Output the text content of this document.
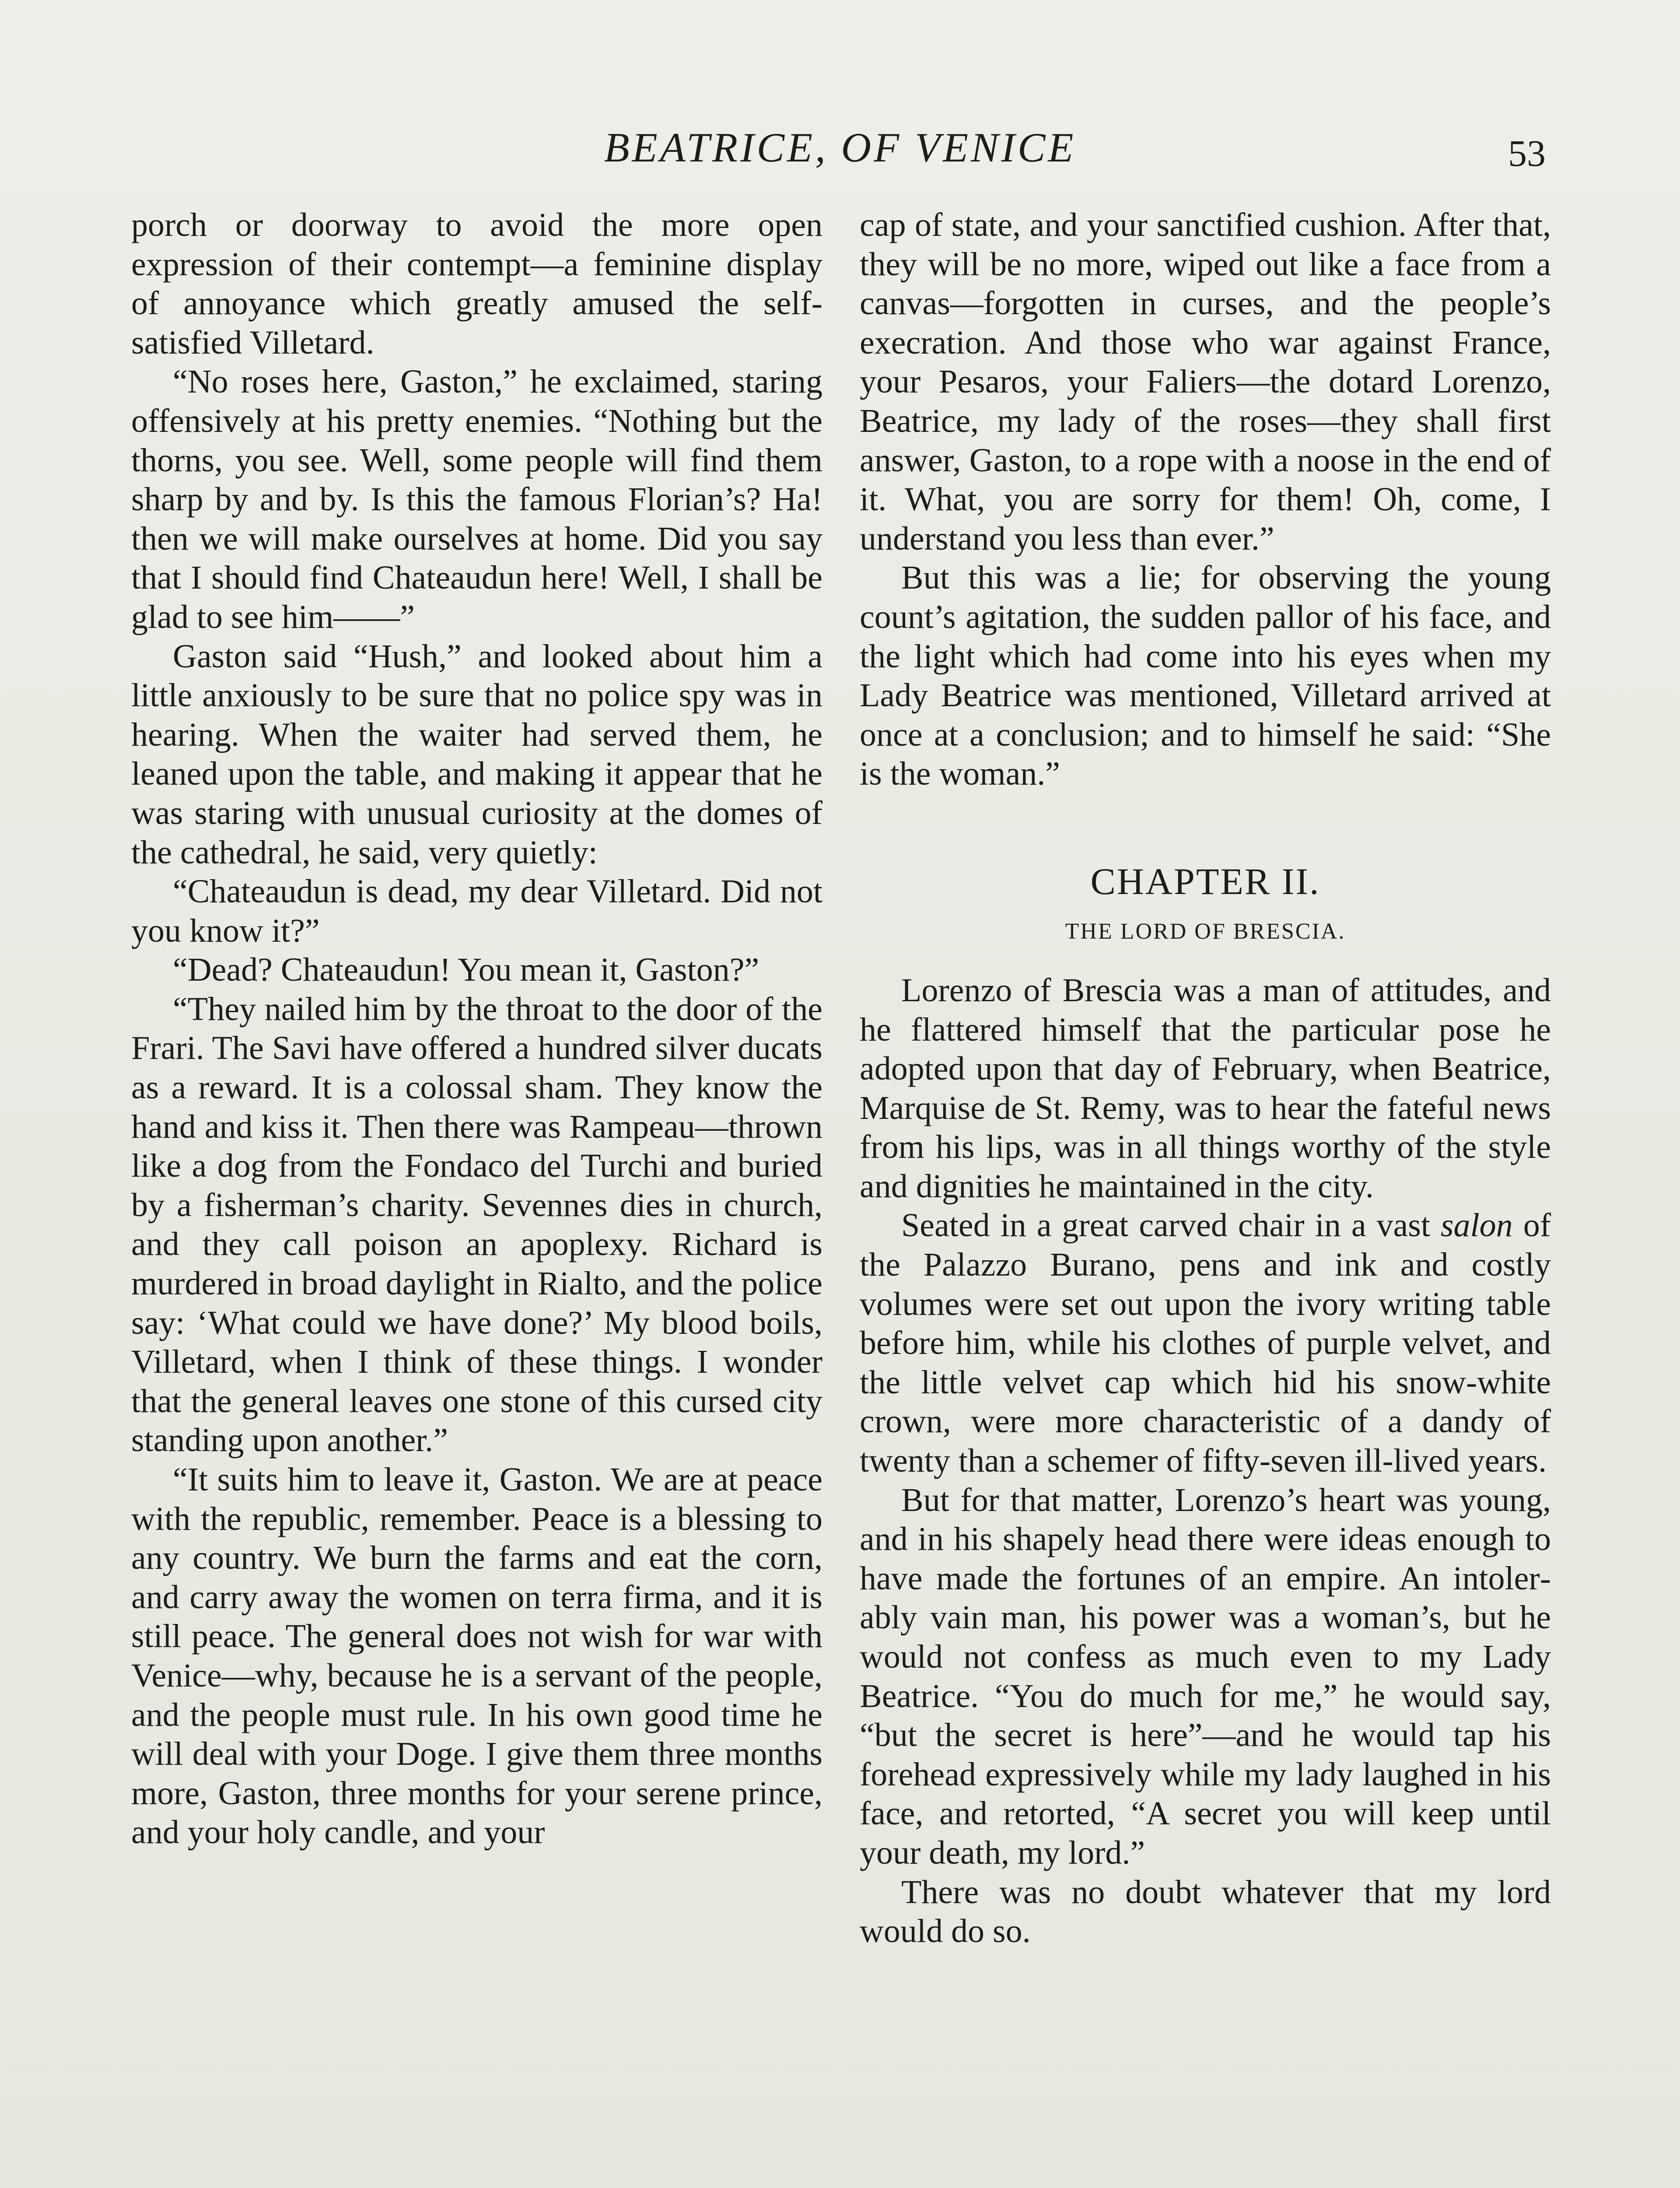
BEATRICE, OF VENICE	53

porch or doorway to avoid the more open expression of their contempt—a feminine display of annoyance which greatly amused the self-satisfied Villetard.

“No roses here, Gaston,” he exclaimed, staring offensively at his pretty enemies. “Nothing but the thorns, you see. Well, some people will find them sharp by and by. Is this the famous Florian’s? Ha! then we will make ourselves at home. Did you say that I should find Chateaudun here! Well, I shall be glad to see him——”

Gaston said “Hush,” and looked about him a little anxiously to be sure that no police spy was in hearing. When the waiter had served them, he leaned upon the table, and making it appear that he was staring with unusual curiosity at the domes of the cathedral, he said, very quietly:

“Chateaudun is dead, my dear Villetard. Did not you know it?”

“Dead? Chateaudun! You mean it, Gaston?”

“They nailed him by the throat to the door of the Frari. The Savi have offered a hundred silver ducats as a reward. It is a colossal sham. They know the hand and kiss it. Then there was Rampeau—thrown like a dog from the Fondaco del Turchi and buried by a fisherman’s charity. Sevennes dies in church, and they call poison an apoplexy. Richard is murdered in broad daylight in Rialto, and the police say: ‘What could we have done?’ My blood boils, Villetard, when I think of these things. I wonder that the general leaves one stone of this cursed city standing upon another.”

“It suits him to leave it, Gaston. We are at peace with the republic, remember. Peace is a blessing to any country. We burn the farms and eat the corn, and carry away the women on terra firma, and it is still peace. The general does not wish for war with Venice—why, because he is a servant of the people, and the people must rule. In his own good time he will deal with your Doge. I give them three months more, Gaston, three months for your serene prince, and your holy candle, and your

cap of state, and your sanctified cushion. After that, they will be no more, wiped out like a face from a canvas—forgotten in curses, and the people’s execration. And those who war against France, your Pesaros, your Faliers—the dotard Lorenzo, Beatrice, my lady of the roses—they shall first answer, Gaston, to a rope with a noose in the end of it. What, you are sorry for them! Oh, come, I understand you less than ever.”

But this was a lie; for observing the young count’s agitation, the sudden pallor of his face, and the light which had come into his eyes when my Lady Beatrice was mentioned, Villetard arrived at once at a conclusion; and to himself he said: “She is the woman.”

CHAPTER II.
THE LORD OF BRESCIA.

Lorenzo of Brescia was a man of attitudes, and he flattered himself that the particular pose he adopted upon that day of February, when Beatrice, Marquise de St. Remy, was to hear the fateful news from his lips, was in all things worthy of the style and dignities he maintained in the city.

Seated in a great carved chair in a vast salon of the Palazzo Burano, pens and ink and costly volumes were set out upon the ivory writing table before him, while his clothes of purple velvet, and the little velvet cap which hid his snow-white crown, were more characteristic of a dandy of twenty than a schemer of fifty-seven ill-lived years.

But for that matter, Lorenzo’s heart was young, and in his shapely head there were ideas enough to have made the fortunes of an empire. An intolerably vain man, his power was a woman’s, but he would not confess as much even to my Lady Beatrice. “You do much for me,” he would say, “but the secret is here”—and he would tap his forehead expressively while my lady laughed in his face, and retorted, “A secret you will keep until your death, my lord.”

There was no doubt whatever that my lord would do so.
